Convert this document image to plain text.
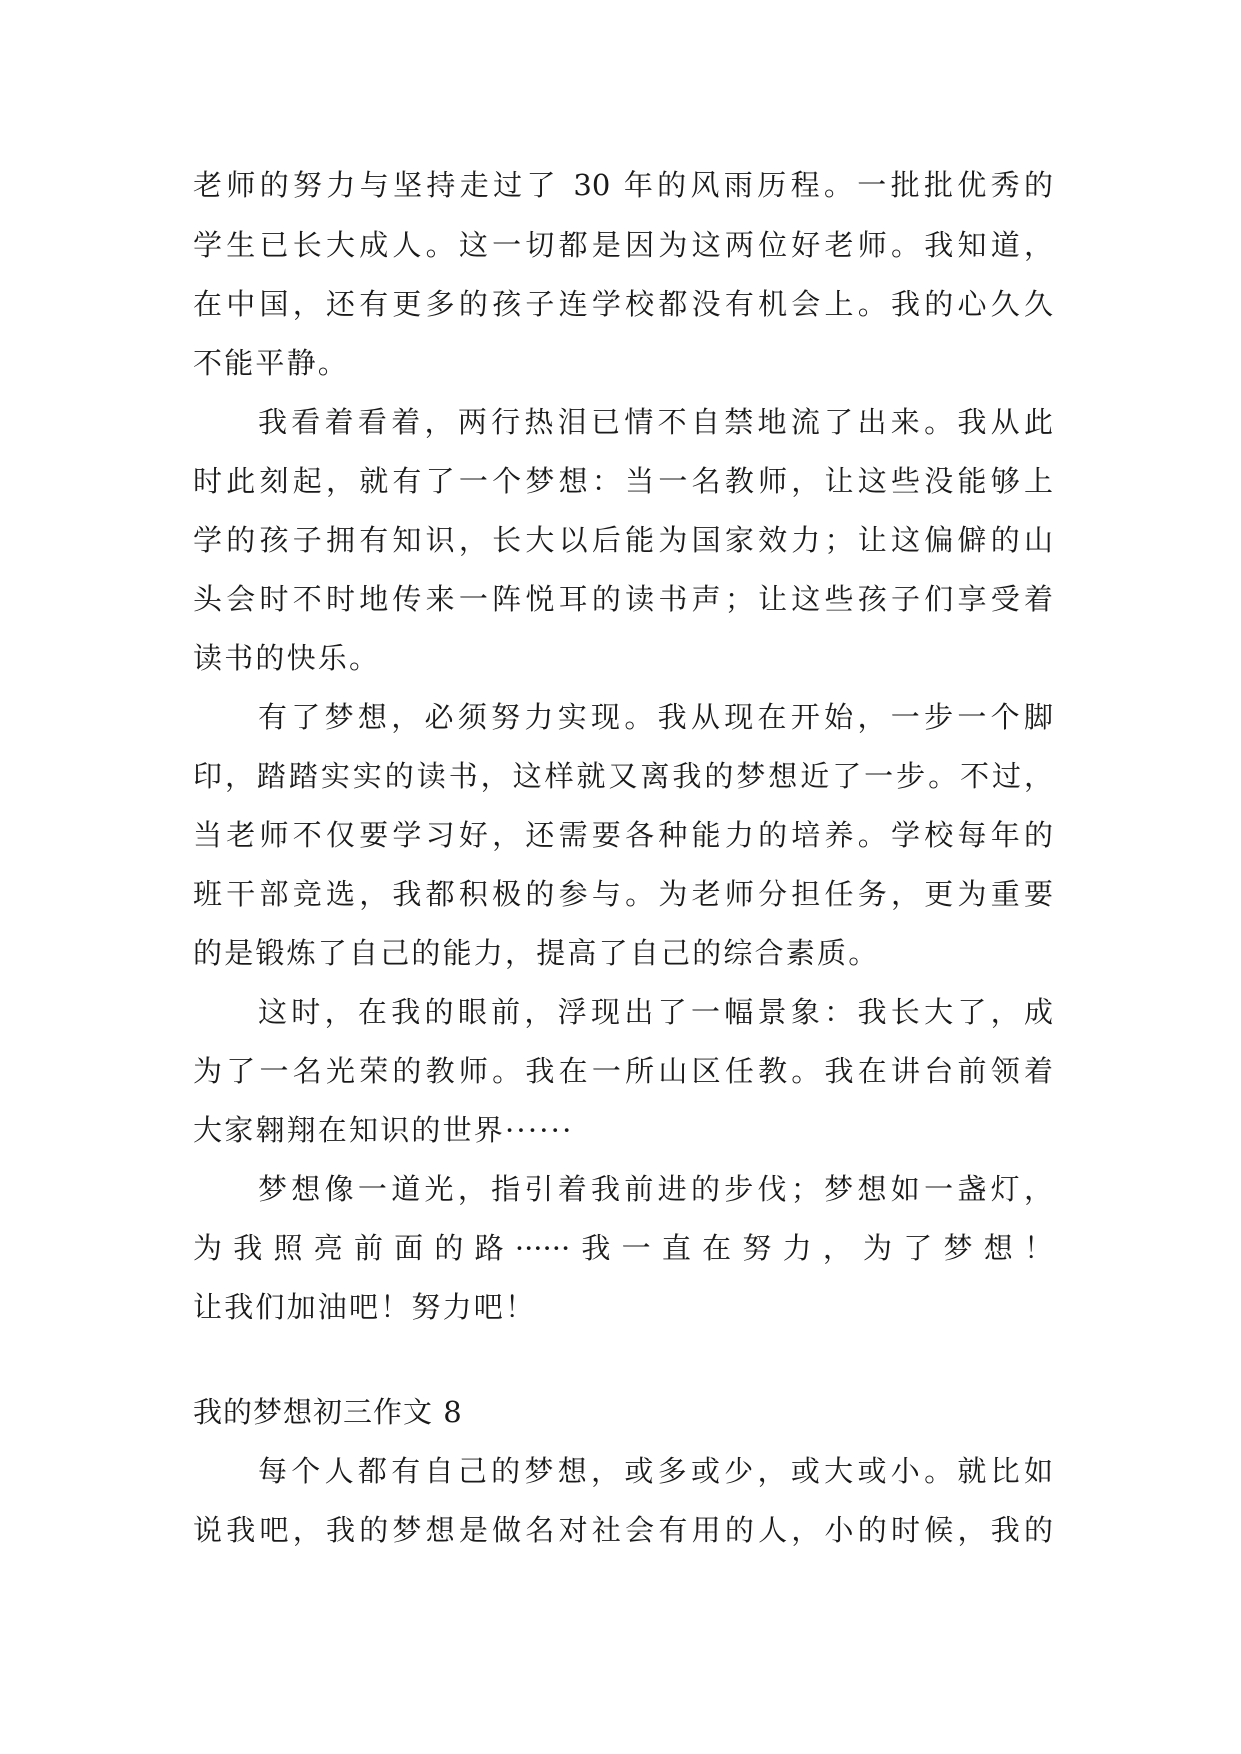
老师的努力与坚持走过了 30 年的风雨历程。一批批优秀的
学生已长大成人。这一切都是因为这两位好老师。我知道，
在中国，还有更多的孩子连学校都没有机会上。我的心久久
不能平静。
我看着看着，两行热泪已情不自禁地流了出来。我从此
时此刻起，就有了一个梦想：当一名教师，让这些没能够上
学的孩子拥有知识，长大以后能为国家效力；让这偏僻的山
头会时不时地传来一阵悦耳的读书声；让这些孩子们享受着
读书的快乐。
有了梦想，必须努力实现。我从现在开始，一步一个脚
印，踏踏实实的读书，这样就又离我的梦想近了一步。不过，
当老师不仅要学习好，还需要各种能力的培养。学校每年的
班干部竞选，我都积极的参与。为老师分担任务，更为重要
的是锻炼了自己的能力，提高了自己的综合素质。
这时，在我的眼前，浮现出了一幅景象：我长大了，成
为了一名光荣的教师。我在一所山区任教。我在讲台前领着
大家翱翔在知识的世界······
梦想像一道光，指引着我前进的步伐；梦想如一盏灯，
为我照亮前面的路······我一直在努力，为了梦想！
让我们加油吧！努力吧！
我的梦想初三作文 8
每个人都有自己的梦想，或多或少，或大或小。就比如
说我吧，我的梦想是做名对社会有用的人，小的时候，我的
